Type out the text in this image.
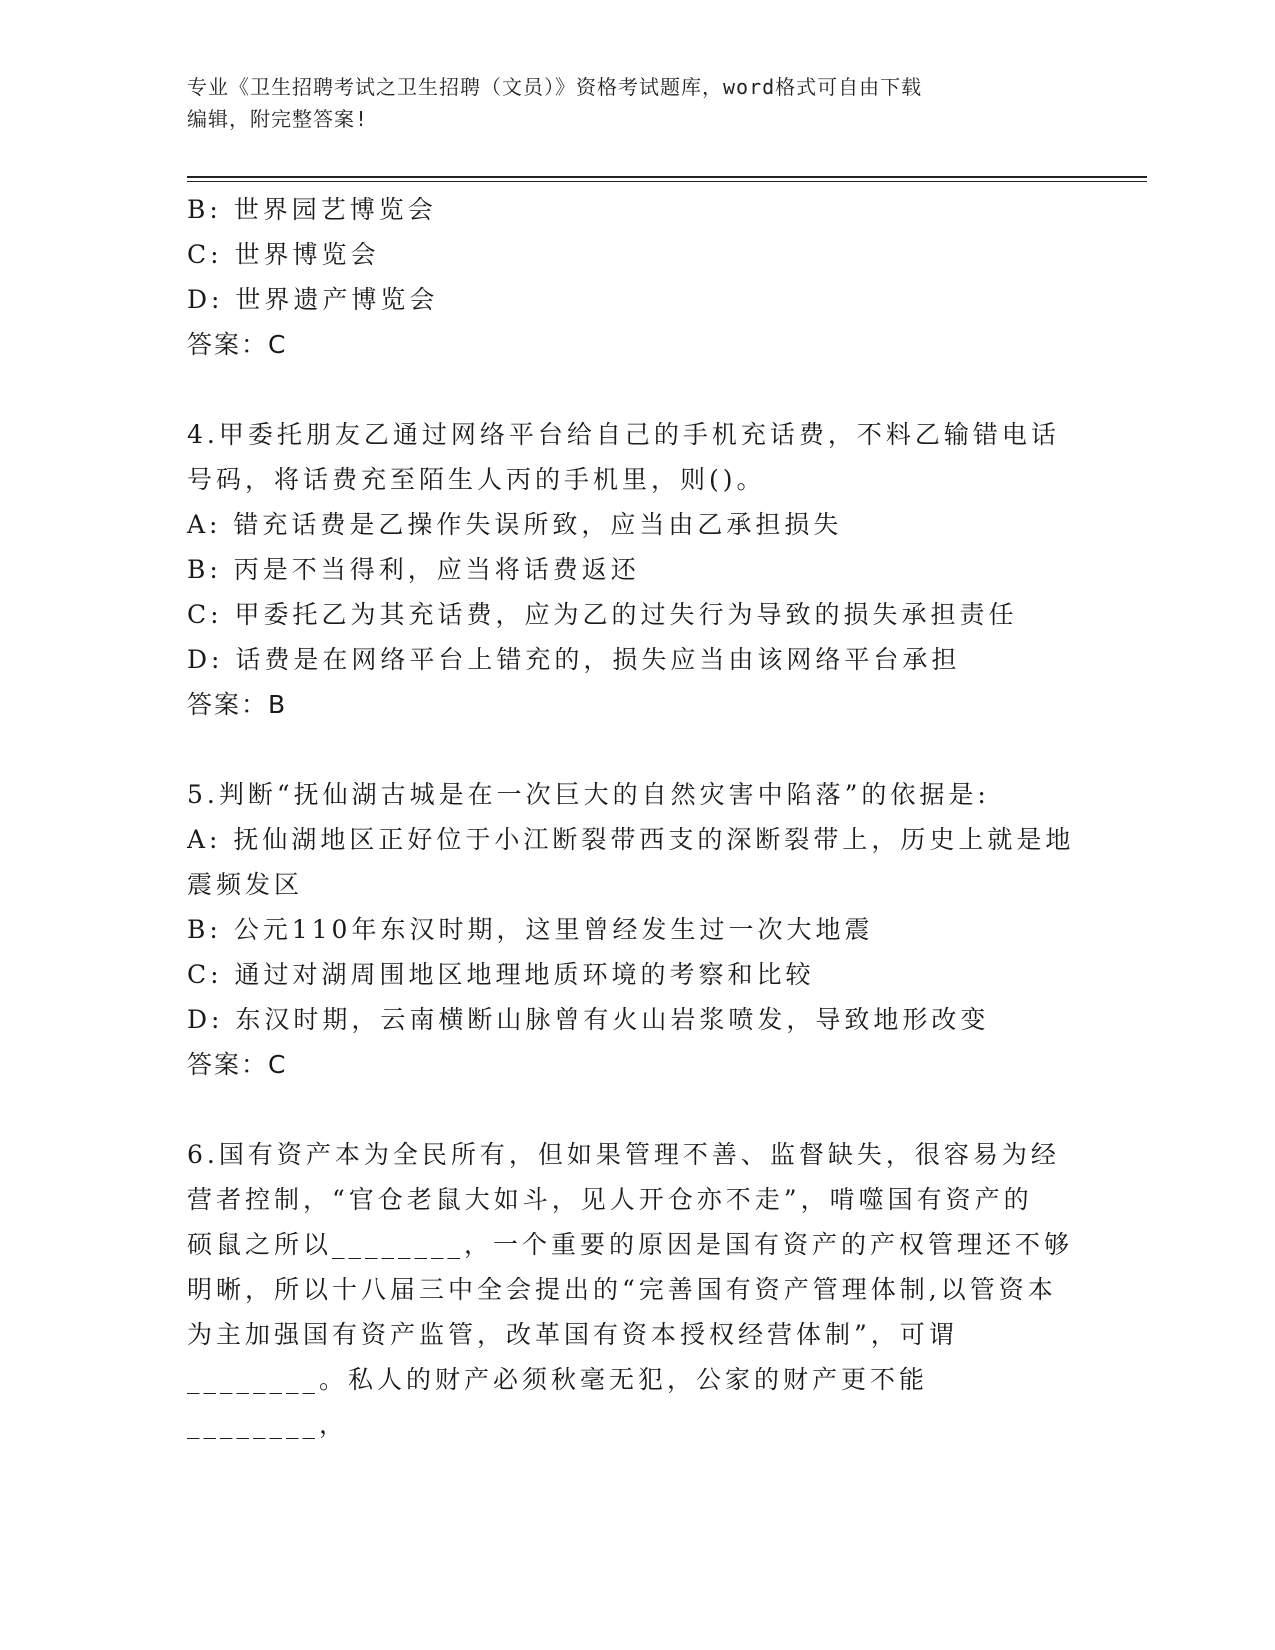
专业《卫生招聘考试之卫生招聘（文员）》资格考试题库，word格式可自由下载
编辑，附完整答案!
B: 世界园艺博览会
C: 世界博览会
D: 世界遗产博览会
答案：C
4.甲委托朋友乙通过网络平台给自己的手机充话费，不料乙输错电话
号码，将话费充至陌生人丙的手机里，则()。
A: 错充话费是乙操作失误所致，应当由乙承担损失
B: 丙是不当得利，应当将话费返还
C: 甲委托乙为其充话费，应为乙的过失行为导致的损失承担责任
D: 话费是在网络平台上错充的，损失应当由该网络平台承担
答案：B
5.判断“抚仙湖古城是在一次巨大的自然灾害中陷落”的依据是:
A: 抚仙湖地区正好位于小江断裂带西支的深断裂带上，历史上就是地
震频发区
B: 公元110年东汉时期，这里曾经发生过一次大地震
C: 通过对湖周围地区地理地质环境的考察和比较
D: 东汉时期，云南横断山脉曾有火山岩浆喷发，导致地形改变
答案：C
6.国有资产本为全民所有，但如果管理不善、监督缺失，很容易为经
营者控制，“官仓老鼠大如斗，见人开仓亦不走”，啃噬国有资产的
硕鼠之所以________，一个重要的原因是国有资产的产权管理还不够
明晰，所以十八届三中全会提出的“完善国有资产管理体制,以管资本
为主加强国有资产监管，改革国有资本授权经营体制”，可谓
________。私人的财产必须秋毫无犯，公家的财产更不能________，
